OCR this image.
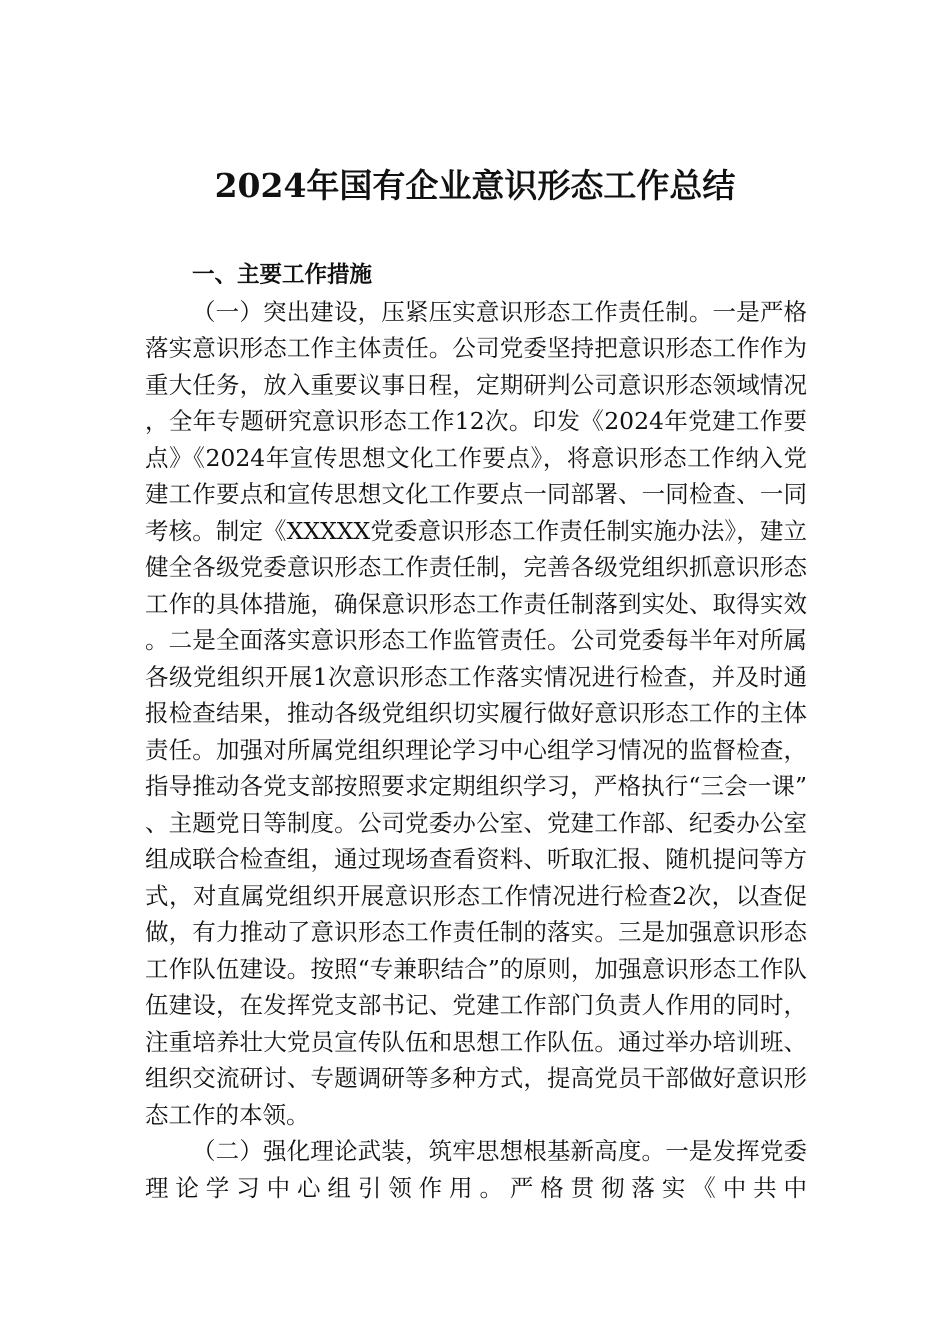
2024年国有企业意识形态工作总结

一、主要工作措施

（一）突出建设，压紧压实意识形态工作责任制。一是严格落实意识形态工作主体责任。公司党委坚持把意识形态工作作为重大任务，放入重要议事日程，定期研判公司意识形态领域情况，全年专题研究意识形态工作12次。印发《2024年党建工作要点》《2024年宣传思想文化工作要点》，将意识形态工作纳入党建工作要点和宣传思想文化工作要点一同部署、一同检查、一同考核。制定《XXXXX党委意识形态工作责任制实施办法》，建立健全各级党委意识形态工作责任制，完善各级党组织抓意识形态工作的具体措施，确保意识形态工作责任制落到实处、取得实效。二是全面落实意识形态工作监管责任。公司党委每半年对所属各级党组织开展1次意识形态工作落实情况进行检查，并及时通报检查结果，推动各级党组织切实履行做好意识形态工作的主体责任。加强对所属党组织理论学习中心组学习情况的监督检查，指导推动各党支部按照要求定期组织学习，严格执行“三会一课”、主题党日等制度。公司党委办公室、党建工作部、纪委办公室组成联合检查组，通过现场查看资料、听取汇报、随机提问等方式，对直属党组织开展意识形态工作情况进行检查2次，以查促做，有力推动了意识形态工作责任制的落实。三是加强意识形态工作队伍建设。按照“专兼职结合”的原则，加强意识形态工作队伍建设，在发挥党支部书记、党建工作部门负责人作用的同时，注重培养壮大党员宣传队伍和思想工作队伍。通过举办培训班、组织交流研讨、专题调研等多种方式，提高党员干部做好意识形态工作的本领。

（二）强化理论武装，筑牢思想根基新高度。一是发挥党委理论学习中心组引领作用。严格贯彻落实《中共中
